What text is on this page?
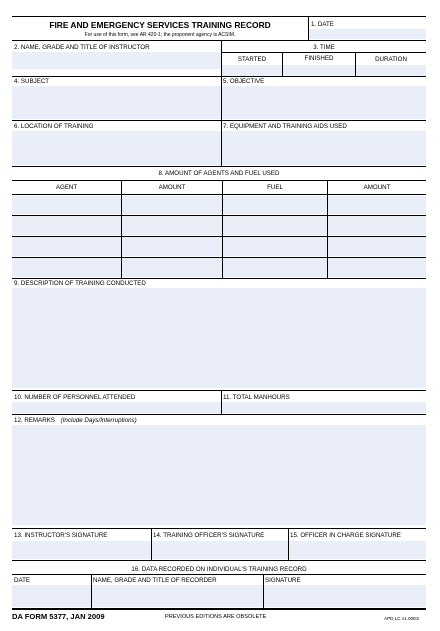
FIRE AND EMERGENCY SERVICES TRAINING RECORD
For use of this form, see AR 420-1; the proponent agency is ACSIM.
1. DATE
2. NAME, GRADE AND TITLE OF INSTRUCTOR	3. TIME
STARTED	FINISHED	DURATION
4. SUBJECT	5. OBJECTIVE
6. LOCATION OF TRAINING	7. EQUIPMENT AND TRAINING AIDS USED
8. AMOUNT OF AGENTS AND FUEL USED
AGENT	AMOUNT	FUEL	AMOUNT
9. DESCRIPTION OF TRAINING CONDUCTED
10. NUMBER OF PERSONNEL ATTENDED	11. TOTAL MANHOURS
12. REMARKS (Include Days/Interruptions)
13. INSTRUCTOR'S SIGNATURE	14. TRAINING OFFICER'S SIGNATURE	15. OFFICER IN CHARGE SIGNATURE
16. DATA RECORDED ON INDIVIDUAL'S TRAINING RECORD
DATE	NAME, GRADE AND TITLE OF RECORDER	SIGNATURE
DA FORM 5377, JAN 2009	PREVIOUS EDITIONS ARE OBSOLETE	APD LC v1.00ES
